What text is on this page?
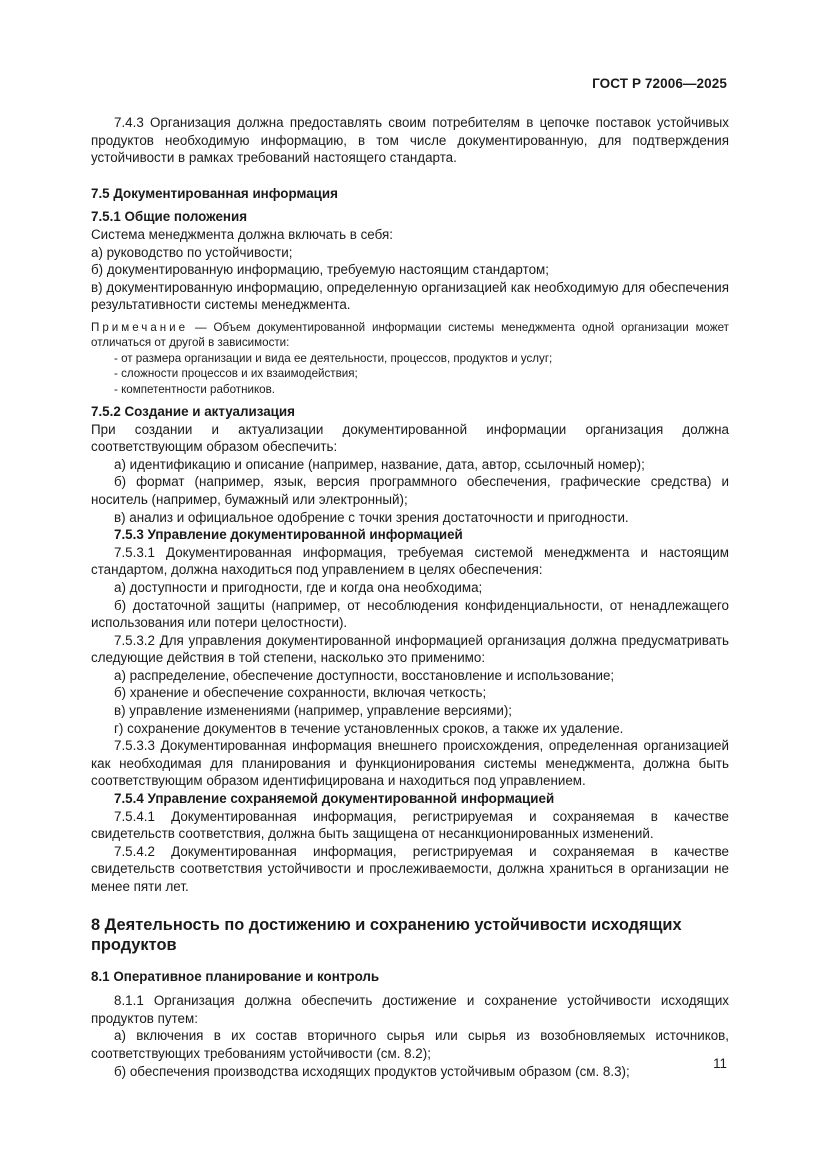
ГОСТ Р 72006—2025

7.4.3 Организация должна предоставлять своим потребителям в цепочке поставок устойчивых продуктов необходимую информацию, в том числе документированную, для подтверждения устойчивости в рамках требований настоящего стандарта.

7.5 Документированная информация

7.5.1 Общие положения

Система менеджмента должна включать в себя:

а) руководство по устойчивости;

б) документированную информацию, требуемую настоящим стандартом;

в) документированную информацию, определенную организацией как необходимую для обеспечения результативности системы менеджмента.

Примечание — Объем документированной информации системы менеджмента одной организации может отличаться от другой в зависимости:

- от размера организации и вида ее деятельности, процессов, продуктов и услуг;

- сложности процессов и их взаимодействия;

- компетентности работников.

7.5.2 Создание и актуализация

При создании и актуализации документированной информации организация должна соответствующим образом обеспечить:

а) идентификацию и описание (например, название, дата, автор, ссылочный номер);

б) формат (например, язык, версия программного обеспечения, графические средства) и носитель (например, бумажный или электронный);

в) анализ и официальное одобрение с точки зрения достаточности и пригодности.

7.5.3 Управление документированной информацией

7.5.3.1 Документированная информация, требуемая системой менеджмента и настоящим стандартом, должна находиться под управлением в целях обеспечения:

а) доступности и пригодности, где и когда она необходима;

б) достаточной защиты (например, от несоблюдения конфиденциальности, от ненадлежащего использования или потери целостности).

7.5.3.2 Для управления документированной информацией организация должна предусматривать следующие действия в той степени, насколько это применимо:

а) распределение, обеспечение доступности, восстановление и использование;

б) хранение и обеспечение сохранности, включая четкость;

в) управление изменениями (например, управление версиями);

г) сохранение документов в течение установленных сроков, а также их удаление.

7.5.3.3 Документированная информация внешнего происхождения, определенная организацией как необходимая для планирования и функционирования системы менеджмента, должна быть соответствующим образом идентифицирована и находиться под управлением.

7.5.4 Управление сохраняемой документированной информацией

7.5.4.1 Документированная информация, регистрируемая и сохраняемая в качестве свидетельств соответствия, должна быть защищена от несанкционированных изменений.

7.5.4.2 Документированная информация, регистрируемая и сохраняемая в качестве свидетельств соответствия устойчивости и прослеживаемости, должна храниться в организации не менее пяти лет.

8 Деятельность по достижению и сохранению устойчивости исходящих продуктов

8.1 Оперативное планирование и контроль

8.1.1 Организация должна обеспечить достижение и сохранение устойчивости исходящих продуктов путем:

а) включения в их состав вторичного сырья или сырья из возобновляемых источников, соответствующих требованиям устойчивости (см. 8.2);

б) обеспечения производства исходящих продуктов устойчивым образом (см. 8.3);

11
